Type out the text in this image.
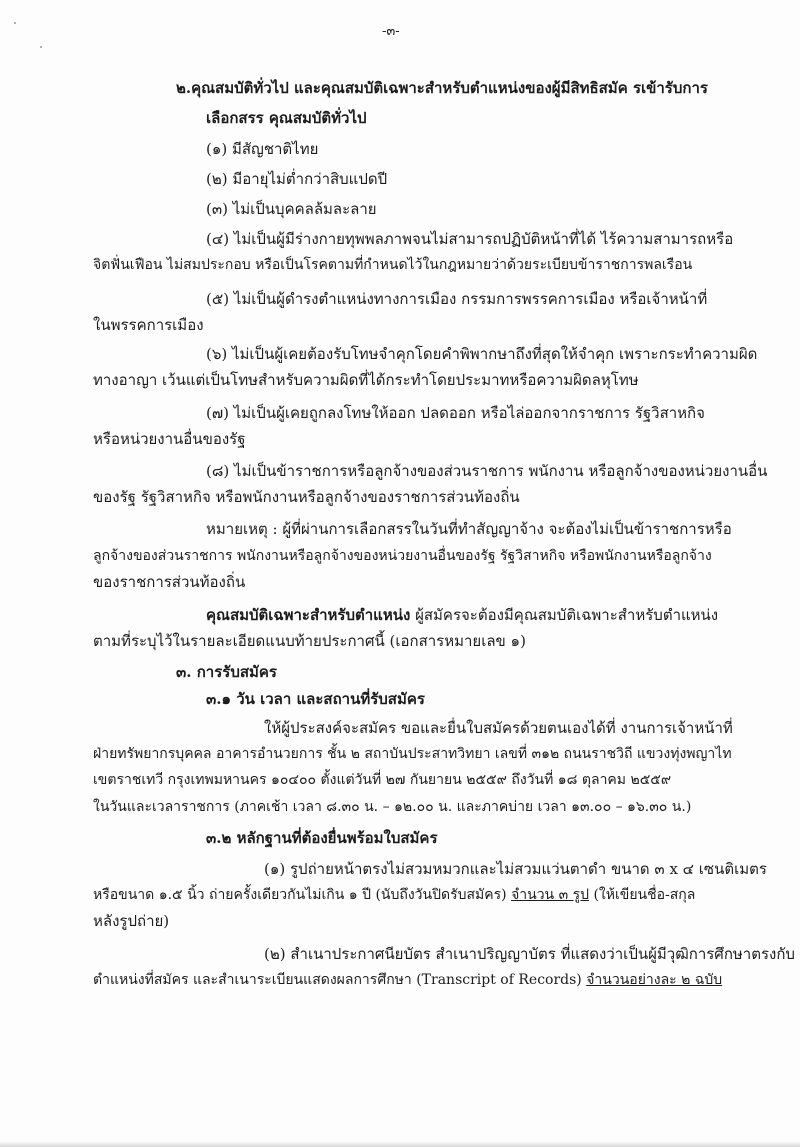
-๓-
๒.คุณสมบัติทั่วไป และคุณสมบัติเฉพาะสำหรับตำแหน่งของผู้มีสิทธิสมัค รเข้ารับการ
เลือกสรร คุณสมบัติทั่วไป
(๑) มีสัญชาติไทย
(๒) มีอายุไม่ต่ำกว่าสิบแปดปี
(๓) ไม่เป็นบุคคลล้มละลาย
(๔) ไม่เป็นผู้มีร่างกายทุพพลภาพจนไม่สามารถปฏิบัติหน้าที่ได้ ไร้ความสามารถหรือ
จิตฟั่นเฟือน ไม่สมประกอบ หรือเป็นโรคตามที่กำหนดไว้ในกฎหมายว่าด้วยระเบียบข้าราชการพลเรือน
(๕) ไม่เป็นผู้ดำรงตำแหน่งทางการเมือง กรรมการพรรคการเมือง หรือเจ้าหน้าที่
ในพรรคการเมือง
(๖) ไม่เป็นผู้เคยต้องรับโทษจำคุกโดยคำพิพากษาถึงที่สุดให้จำคุก เพราะกระทำความผิด
ทางอาญา เว้นแต่เป็นโทษสำหรับความผิดที่ได้กระทำโดยประมาทหรือความผิดลหุโทษ
(๗) ไม่เป็นผู้เคยถูกลงโทษให้ออก ปลดออก หรือไล่ออกจากราชการ รัฐวิสาหกิจ
หรือหน่วยงานอื่นของรัฐ
(๘) ไม่เป็นข้าราชการหรือลูกจ้างของส่วนราชการ พนักงาน หรือลูกจ้างของหน่วยงานอื่น
ของรัฐ รัฐวิสาหกิจ หรือพนักงานหรือลูกจ้างของราชการส่วนท้องถิ่น
หมายเหตุ : ผู้ที่ผ่านการเลือกสรรในวันที่ทำสัญญาจ้าง จะต้องไม่เป็นข้าราชการหรือ
ลูกจ้างของส่วนราชการ พนักงานหรือลูกจ้างของหน่วยงานอื่นของรัฐ รัฐวิสาหกิจ หรือพนักงานหรือลูกจ้าง
ของราชการส่วนท้องถิ่น
คุณสมบัติเฉพาะสำหรับตำแหน่ง ผู้สมัครจะต้องมีคุณสมบัติเฉพาะสำหรับตำแหน่ง
ตามที่ระบุไว้ในรายละเอียดแนบท้ายประกาศนี้ (เอกสารหมายเลข ๑)
๓. การรับสมัคร
๓.๑ วัน เวลา และสถานที่รับสมัคร
ให้ผู้ประสงค์จะสมัคร ขอและยื่นใบสมัครด้วยตนเองได้ที่ งานการเจ้าหน้าที่
ฝ่ายทรัพยากรบุคคล อาคารอำนวยการ ชั้น ๒ สถาบันประสาทวิทยา เลขที่ ๓๑๒ ถนนราชวิถี แขวงทุ่งพญาไท
เขตราชเทวี กรุงเทพมหานคร ๑๐๔๐๐ ตั้งแต่วันที่ ๒๗ กันยายน ๒๕๕๙ ถึงวันที่ ๑๘ ตุลาคม ๒๕๕๙
ในวันและเวลาราชการ (ภาคเช้า เวลา ๘.๓๐ น. – ๑๒.๐๐ น. และภาคบ่าย เวลา ๑๓.๐๐ – ๑๖.๓๐ น.)
๓.๒ หลักฐานที่ต้องยื่นพร้อมใบสมัคร
(๑) รูปถ่ายหน้าตรงไม่สวมหมวกและไม่สวมแว่นตาดำ ขนาด ๓ x ๔ เซนติเมตร
หรือขนาด ๑.๕ นิ้ว ถ่ายครั้งเดียวกันไม่เกิน ๑ ปี (นับถึงวันปิดรับสมัคร) จำนวน ๓ รูป (ให้เขียนชื่อ-สกุล
หลังรูปถ่าย)
(๒) สำเนาประกาศนียบัตร สำเนาปริญญาบัตร ที่แสดงว่าเป็นผู้มีวุฒิการศึกษาตรงกับ
ตำแหน่งที่สมัคร และสำเนาระเบียนแสดงผลการศึกษา (Transcript of Records) จำนวนอย่างละ ๒ ฉบับ
